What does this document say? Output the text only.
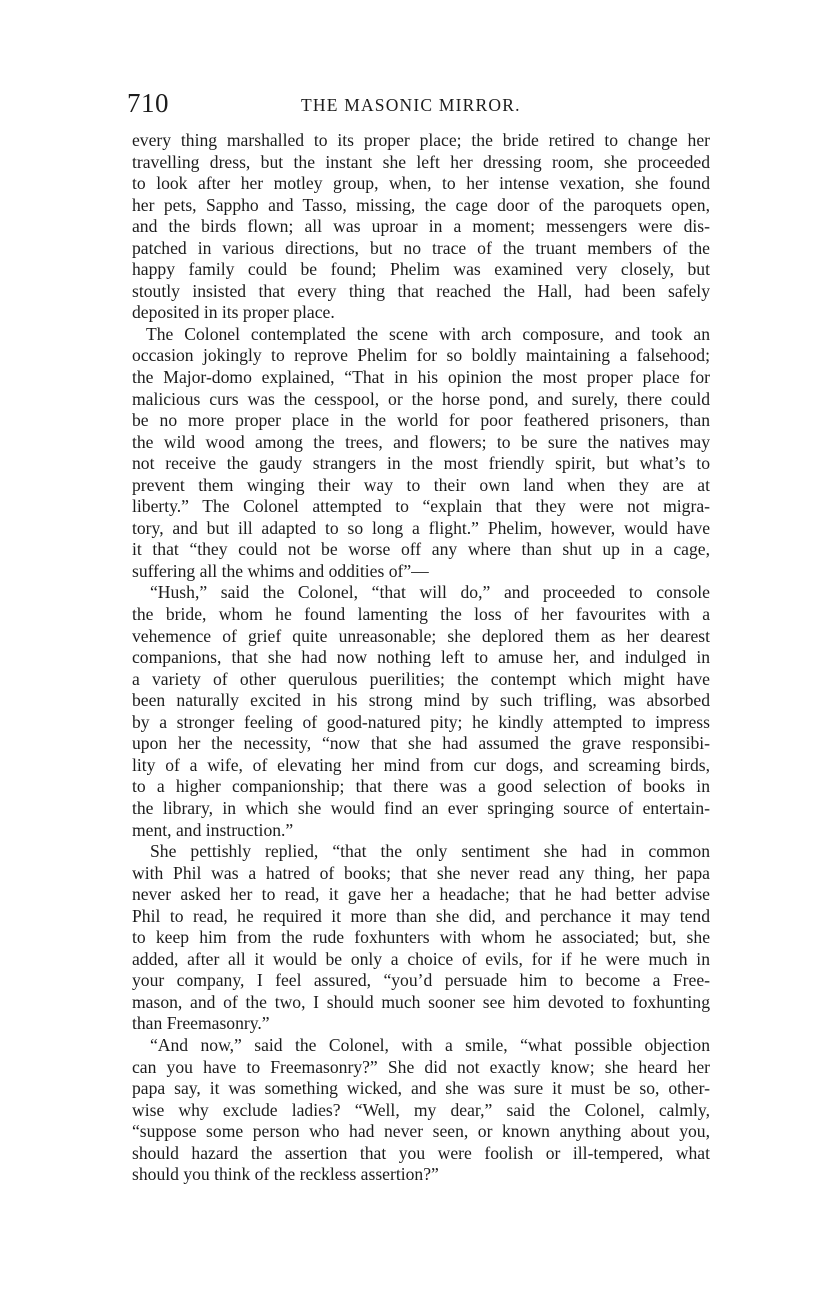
710	THE MASONIC MIRROR.
every thing marshalled to its proper place; the bride retired to change her
travelling dress, but the instant she left her dressing room, she proceeded
to look after her motley group, when, to her intense vexation, she found
her pets, Sappho and Tasso, missing, the cage door of the paroquets open,
and the birds flown; all was uproar in a moment; messengers were dis-
patched in various directions, but no trace of the truant members of the
happy family could be found; Phelim was examined very closely, but
stoutly insisted that every thing that reached the Hall, had been safely
deposited in its proper place.
The Colonel contemplated the scene with arch composure, and took an
occasion jokingly to reprove Phelim for so boldly maintaining a falsehood;
the Major-domo explained, “That in his opinion the most proper place for
malicious curs was the cesspool, or the horse pond, and surely, there could
be no more proper place in the world for poor feathered prisoners, than
the wild wood among the trees, and flowers; to be sure the natives may
not receive the gaudy strangers in the most friendly spirit, but what’s to
prevent them winging their way to their own land when they are at
liberty.” The Colonel attempted to “explain that they were not migra-
tory, and but ill adapted to so long a flight.” Phelim, however, would have
it that “they could not be worse off any where than shut up in a cage,
suffering all the whims and oddities of”—
“Hush,” said the Colonel, “that will do,” and proceeded to console
the bride, whom he found lamenting the loss of her favourites with a
vehemence of grief quite unreasonable; she deplored them as her dearest
companions, that she had now nothing left to amuse her, and indulged in
a variety of other querulous puerilities; the contempt which might have
been naturally excited in his strong mind by such trifling, was absorbed
by a stronger feeling of good-natured pity; he kindly attempted to impress
upon her the necessity, “now that she had assumed the grave responsibi-
lity of a wife, of elevating her mind from cur dogs, and screaming birds,
to a higher companionship; that there was a good selection of books in
the library, in which she would find an ever springing source of entertain-
ment, and instruction.”
She pettishly replied, “that the only sentiment she had in common
with Phil was a hatred of books; that she never read any thing, her papa
never asked her to read, it gave her a headache; that he had better advise
Phil to read, he required it more than she did, and perchance it may tend
to keep him from the rude foxhunters with whom he associated; but, she
added, after all it would be only a choice of evils, for if he were much in
your company, I feel assured, “you’d persuade him to become a Free-
mason, and of the two, I should much sooner see him devoted to foxhunting
than Freemasonry.”
“And now,” said the Colonel, with a smile, “what possible objection
can you have to Freemasonry?” She did not exactly know; she heard her
papa say, it was something wicked, and she was sure it must be so, other-
wise why exclude ladies? “Well, my dear,” said the Colonel, calmly,
“suppose some person who had never seen, or known anything about you,
should hazard the assertion that you were foolish or ill-tempered, what
should you think of the reckless assertion?”
